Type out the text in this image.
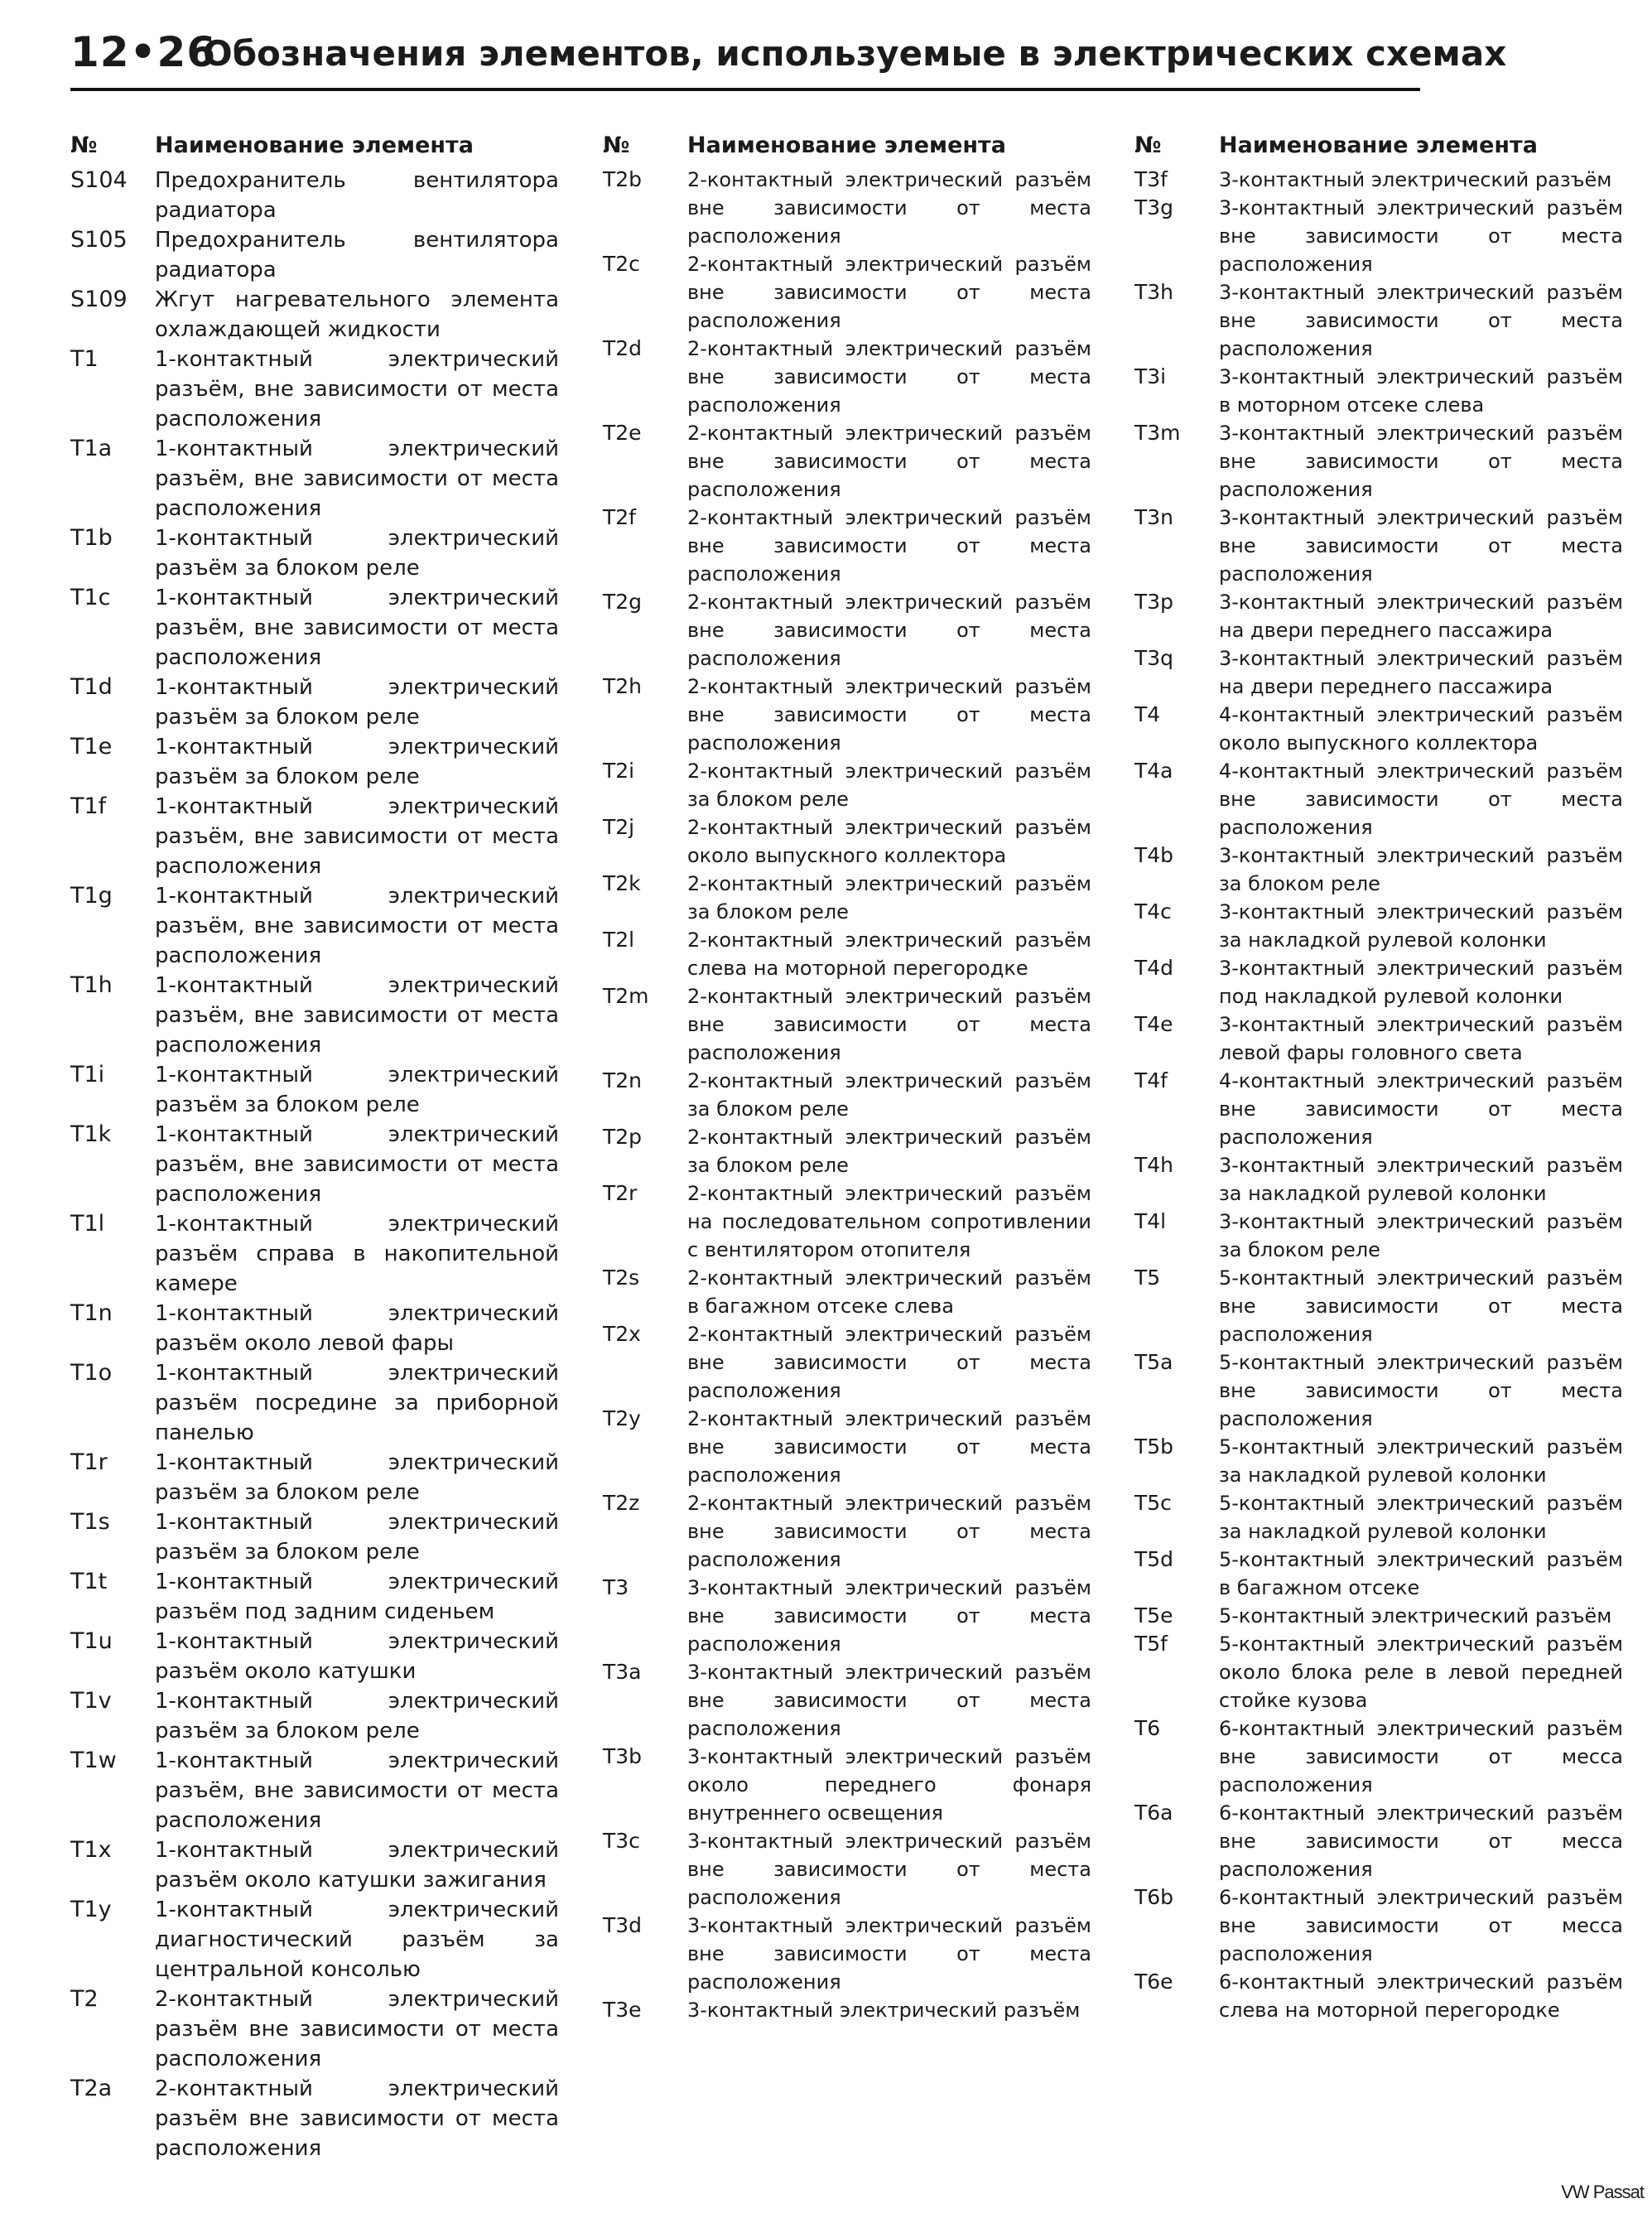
12•26
Обозначения элементов, используемые в электрических схемах
№	Наименование элемента
S104 Предохранитель вентилятора радиатора
S105 Предохранитель вентилятора радиатора
S109 Жгут нагревательного элемента охлаждающей жидкости
T1	1-контактный электрический разъём, вне зависимости от места расположения
T1a 1-контактный электрический разъём, вне зависимости от места расположения
T1b 1-контактный электрический разъём за блоком реле
T1c 1-контактный электрический разъём, вне зависимости от места расположения
T1d 1-контактный электрический разъём за блоком реле
T1e 1-контактный электрический разъём за блоком реле
T1f 1-контактный электрический разъём, вне зависимости от места расположения
T1g 1-контактный электрический разъём, вне зависимости от места расположения
T1h 1-контактный электрический разъём, вне зависимости от места расположения
T1i 1-контактный электрический разъём за блоком реле
T1k 1-контактный электрический разъём, вне зависимости от места расположения
T1l 1-контактный электрический разъём справа в накопительной камере
T1n 1-контактный электрический разъём около левой фары
T1o 1-контактный электрический разъём посредине за приборной панелью
T1r 1-контактный электрический разъём за блоком реле
T1s 1-контактный электрический разъём за блоком реле
T1t 1-контактный электрический разъём под задним сиденьем
T1u 1-контактный электрический разъём около катушки
T1v 1-контактный электрический разъём за блоком реле
T1w 1-контактный электрический разъём, вне зависимости от места расположения
T1x 1-контактный электрический разъём около катушки зажигания
T1y 1-контактный электрический диагностический разъём за центральной консолью
T2	2-контактный электрический разъём вне зависимости от места расположения
T2a 2-контактный электрический разъём вне зависимости от места расположения
№	Наименование элемента
T2b 2-контактный электрический разъём вне зависимости от места расположения
T2c 2-контактный электрический разъём вне зависимости от места расположения
T2d 2-контактный электрический разъём вне зависимости от места расположения
T2e 2-контактный электрический разъём вне зависимости от места расположения
T2f	2-контактный электрический разъём вне зависимости от места расположения
T2g 2-контактный электрический разъём вне зависимости от места расположения
T2h 2-контактный электрический разъём вне зависимости от места расположения
T2i	2-контактный электрический разъём за блоком реле
T2j	2-контактный электрический разъём около выпускного коллектора
T2k 2-контактный электрический разъём за блоком реле
T2l	2-контактный электрический разъём слева на моторной перегородке
T2m 2-контактный электрический разъём вне зависимости от места расположения
T2n 2-контактный электрический разъём за блоком реле
T2p 2-контактный электрический разъём за блоком реле
T2r	2-контактный электрический разъём на последовательном сопротивлении с вентилятором отопителя
T2s 2-контактный электрический разъём в багажном отсеке слева
T2x 2-контактный электрический разъём вне зависимости от места расположения
T2y 2-контактный электрический разъём вне зависимости от места расположения
T2z 2-контактный электрический разъём вне зависимости от места расположения
T3	3-контактный электрический разъём вне зависимости от места расположения
T3a 3-контактный электрический разъём вне зависимости от места расположения
T3b 3-контактный электрический разъём около переднего фонаря внутреннего освещения
T3c 3-контактный электрический разъём вне зависимости от места расположения
T3d 3-контактный электрический разъём вне зависимости от места расположения
T3e 3-контактный электрический разъём
№	Наименование элемента
T3f	3-контактный электрический разъём
T3g 3-контактный электрический разъём вне зависимости от места расположения
T3h 3-контактный электрический разъём вне зависимости от места расположения
T3i	3-контактный электрический разъём в моторном отсеке слева
T3m 3-контактный электрический разъём вне зависимости от места расположения
T3n 3-контактный электрический разъём вне зависимости от места расположения
T3p 3-контактный электрический разъём на двери переднего пассажира
T3q 3-контактный электрический разъём на двери переднего пассажира
T4	4-контактный электрический разъём около выпускного коллектора
T4a 4-контактный электрический разъём вне зависимости от места расположения
T4b 3-контактный электрический разъём за блоком реле
T4c 3-контактный электрический разъём за накладкой рулевой колонки
T4d 3-контактный электрический разъём под накладкой рулевой колонки
T4e 3-контактный электрический разъём левой фары головного света
T4f	4-контактный электрический разъём вне зависимости от места расположения
T4h 3-контактный электрический разъём за накладкой рулевой колонки
T4l	3-контактный электрический разъём за блоком реле
T5	5-контактный электрический разъём вне зависимости от места расположения
T5a 5-контактный электрический разъём вне зависимости от места расположения
T5b 5-контактный электрический разъём за накладкой рулевой колонки
T5c 5-контактный электрический разъём за накладкой рулевой колонки
T5d 5-контактный электрический разъём в багажном отсеке
T5e 5-контактный электрический разъём
T5f	5-контактный электрический разъём около блока реле в левой передней стойке кузова
T6	6-контактный электрический разъём вне зависимости от месса расположения
T6a 6-контактный электрический разъём вне зависимости от месса расположения
T6b 6-контактный электрический разъём вне зависимости от месса расположения
T6e 6-контактный электрический разъём слева на моторной перегородке
VW Passat
